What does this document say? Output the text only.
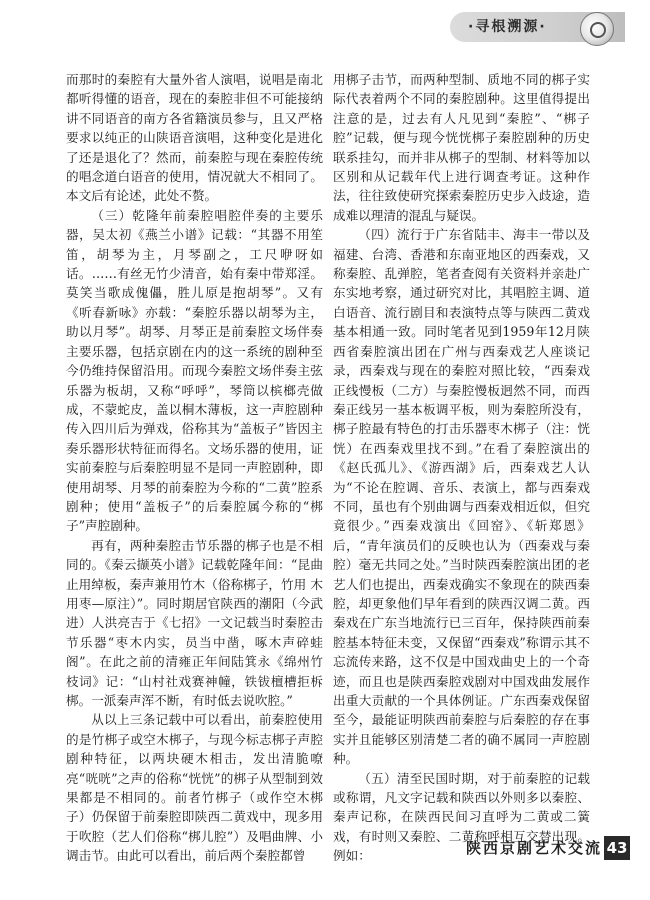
·寻根溯源·

而那时的秦腔有大量外省人演唱，说唱是南北都听得懂的语音，现在的秦腔非但不可能接纳讲不同语音的南方各省籍演员参与，且又严格要求以纯正的山陕语音演唱，这种变化是进化了还是退化了？然而，前秦腔与现在秦腔传统的唱念道白语音的使用，情况就大不相同了。本文后有论述，此处不赘。

（三）乾隆年前秦腔唱腔伴奏的主要乐器，吴太初《燕兰小谱》记载：“其器不用笙笛，胡琴为主，月琴副之，工尺咿呀如话。……有丝无竹少清音，始有秦中带郑淫。莫笑当歌成傀儡，胜儿原是抱胡琴”。又有《听春新咏》亦载：“秦腔乐器以胡琴为主，助以月琴”。胡琴、月琴正是前秦腔文场伴奏主要乐器，包括京剧在内的这一系统的剧种至今仍维持保留沿用。而现今秦腔文场伴奏主弦乐器为板胡，又称“呼呼”，琴筒以槟榔壳做成，不蒙蛇皮，盖以桐木薄板，这一声腔剧种传入四川后为弹戏，俗称其为“盖板子”皆因主奏乐器形状特征而得名。文场乐器的使用，证实前秦腔与后秦腔明显不是同一声腔剧种，即使用胡琴、月琴的前秦腔为今称的“二黄”腔系剧种；使用“盖板子”的后秦腔属今称的“梆子”声腔剧种。

再有，两种秦腔击节乐器的梆子也是不相同的。《秦云撷英小谱》记载乾隆年间：“昆曲止用绰板，秦声兼用竹木（俗称梆子，竹用 木用枣—原注）”。同时期居官陕西的潮阳（今武进）人洪亮吉于《七招》一文记载当时秦腔击节乐器“枣木内实，员当中凿，啄木声碎蛙阁”。在此之前的清雍正年间陆箕永《绵州竹枝词》记：“山村社戏赛神幢，铁钹檀槽拒柝梆。一派秦声浑不断，有时低去说吹腔。”

从以上三条记载中可以看出，前秦腔使用的是竹梆子或空木梆子，与现今标志梆子声腔剧种特征，以两块硬木相击，发出清脆嘹亮“咣咣”之声的俗称“恍恍”的梆子从型制到效果都是不相同的。前者竹梆子（或作空木梆子）仍保留于前秦腔即陕西二黄戏中，现多用于吹腔（艺人们俗称“梆儿腔”）及唱曲牌、小调击节。由此可以看出，前后两个秦腔都曾

用梆子击节，而两种型制、质地不同的梆子实际代表着两个不同的秦腔剧种。这里值得提出注意的是，过去有人凡见到“秦腔”、“梆子腔”记载，便与现今恍恍梆子秦腔剧种的历史联系挂勾，而并非从梆子的型制、材料等加以区别和从记载年代上进行调查考证。这种作法，往往致使研究探索秦腔历史步入歧途，造成难以理清的混乱与疑误。

（四）流行于广东省陆丰、海丰一带以及福建、台湾、香港和东南亚地区的西秦戏，又称秦腔、乱弹腔，笔者查阅有关资料并亲赴广东实地考察，通过研究对比，其唱腔主调、道白语音、流行剧目和表演特点等与陕西二黄戏基本相通一致。同时笔者见到1959年12月陕西省秦腔演出团在广州与西秦戏艺人座谈记录，西秦戏与现在的秦腔对照比较，“西秦戏正线慢板（二方）与秦腔慢板迥然不同，而西秦正线另一基本板调平板，则为秦腔所没有，梆子腔最有特色的打击乐器枣木梆子（注：恍恍）在西秦戏里找不到。”在看了秦腔演出的《赵氏孤儿》、《游西湖》后，西秦戏艺人认为“不论在腔调、音乐、表演上，都与西秦戏不同，虽也有个别曲调与西秦戏相近似，但究竟很少。”西秦戏演出《回窑》、《斩郑恩》后，“青年演员们的反映也认为（西秦戏与秦腔）毫无共同之处。”当时陕西秦腔演出团的老艺人们也提出，西秦戏确实不象现在的陕西秦腔，却更象他们早年看到的陕西汉调二黄。西秦戏在广东当地流行已三百年，保持陕西前秦腔基本特征未变，又保留“西秦戏”称谓示其不忘流传来路，这不仅是中国戏曲史上的一个奇迹，而且也是陕西秦腔戏剧对中国戏曲发展作出重大贡献的一个具体例证。广东西秦戏保留至今，最能证明陕西前秦腔与后秦腔的存在事实并且能够区别清楚二者的确不属同一声腔剧种。

（五）清至民国时期，对于前秦腔的记载或称谓，凡文字记载和陕西以外则多以秦腔、秦声记称，在陕西民间习直呼为二黄或二簧戏，有时则又秦腔、二黄称呼相互交替出现。例如：	陕西京剧艺术交流 43
